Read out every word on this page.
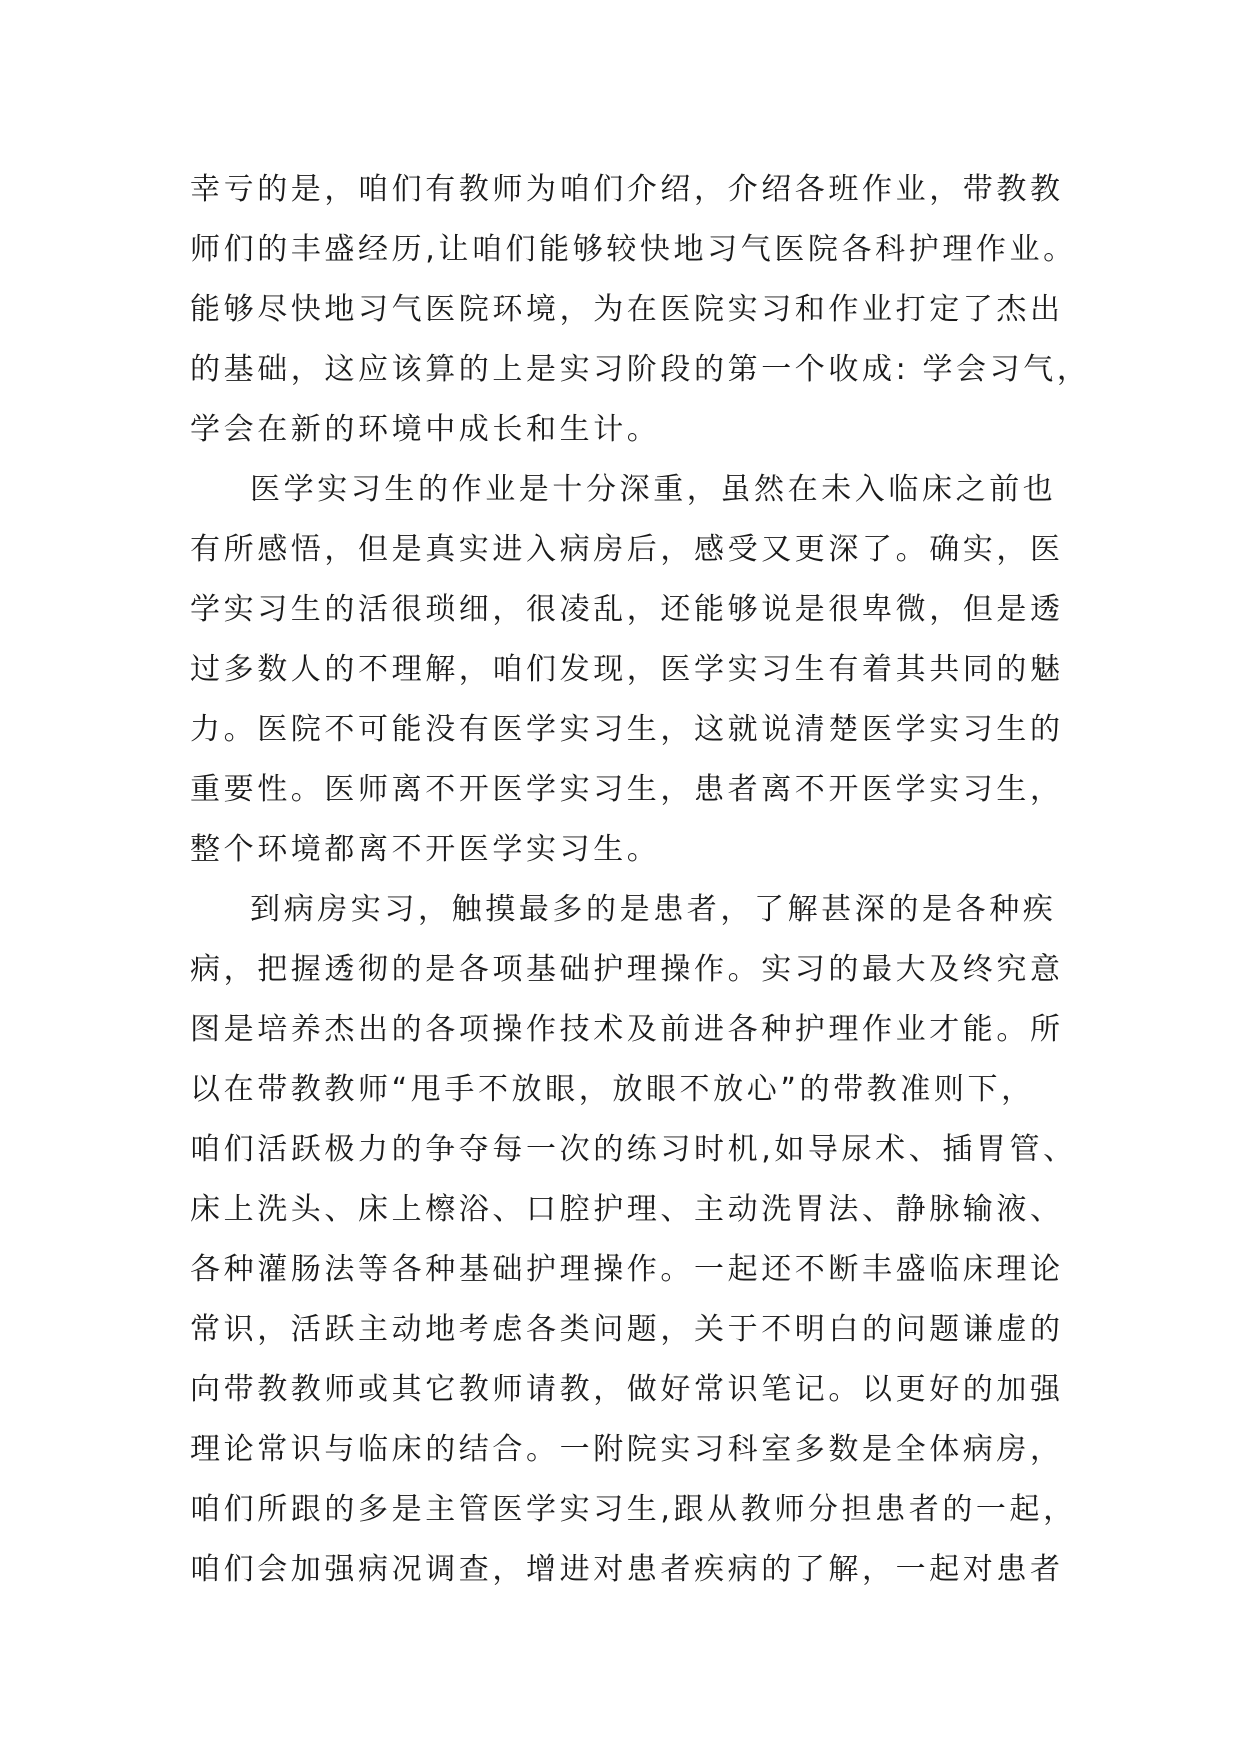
幸亏的是，咱们有教师为咱们介绍，介绍各班作业，带教教
师们的丰盛经历,让咱们能够较快地习气医院各科护理作业。
能够尽快地习气医院环境，为在医院实习和作业打定了杰出
的基础，这应该算的上是实习阶段的第一个收成: 学会习气，
学会在新的环境中成长和生计。
医学实习生的作业是十分深重，虽然在未入临床之前也
有所感悟，但是真实进入病房后，感受又更深了。确实，医
学实习生的活很琐细，很凌乱，还能够说是很卑微，但是透
过多数人的不理解，咱们发现，医学实习生有着其共同的魅
力。医院不可能没有医学实习生，这就说清楚医学实习生的
重要性。医师离不开医学实习生，患者离不开医学实习生，
整个环境都离不开医学实习生。
到病房实习，触摸最多的是患者，了解甚深的是各种疾
病，把握透彻的是各项基础护理操作。实习的最大及终究意
图是培养杰出的各项操作技术及前进各种护理作业才能。所
以在带教教师“甩手不放眼，放眼不放心”的带教准则下，
咱们活跃极力的争夺每一次的练习时机,如导尿术、插胃管、
床上洗头、床上檫浴、口腔护理、主动洗胃法、静脉输液、
各种灌肠法等各种基础护理操作。一起还不断丰盛临床理论
常识，活跃主动地考虑各类问题，关于不明白的问题谦虚的
向带教教师或其它教师请教，做好常识笔记。以更好的加强
理论常识与临床的结合。一附院实习科室多数是全体病房，
咱们所跟的多是主管医学实习生,跟从教师分担患者的一起，
咱们会加强病况调查，增进对患者疾病的了解，一起对患者
